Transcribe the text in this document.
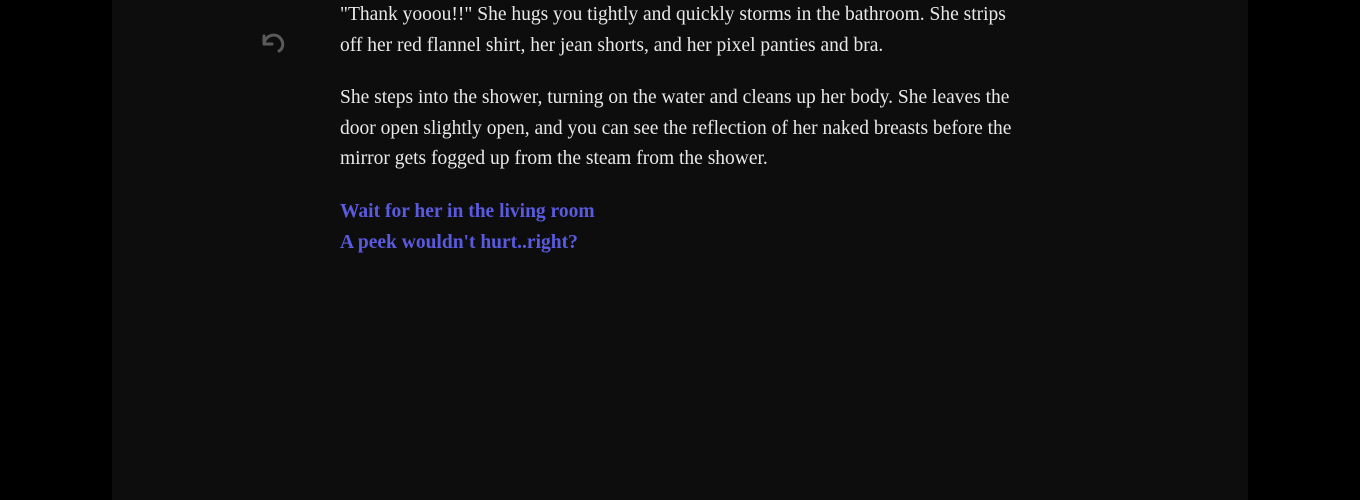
"Thank yooou!!" She hugs you tightly and quickly storms in the bathroom. She strips off her red flannel shirt, her jean shorts, and her pixel panties and bra.

She steps into the shower, turning on the water and cleans up her body. She leaves the door open slightly open, and you can see the reflection of her naked breasts before the mirror gets fogged up from the steam from the shower.

Wait for her in the living room
A peek wouldn't hurt..right?
